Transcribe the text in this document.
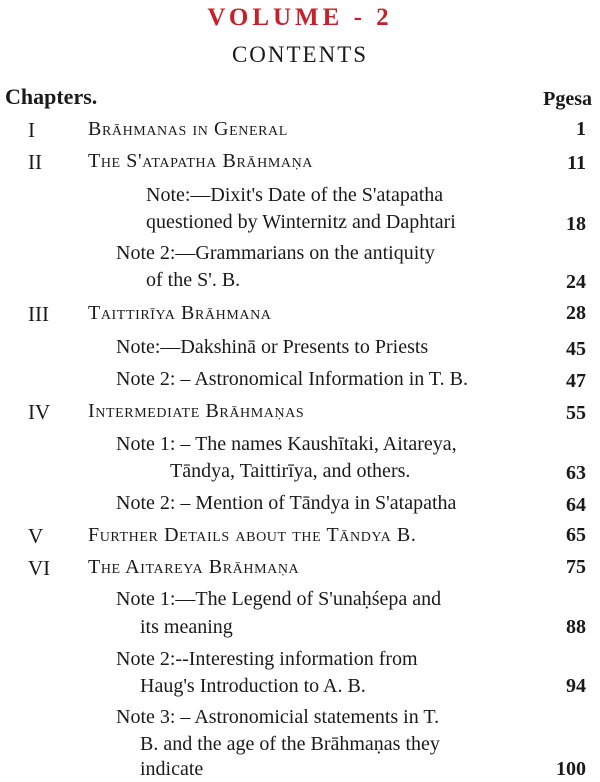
VOLUME - 2
CONTENTS
Chapters.	Pgesa
I	Brāhmanas in General	1
II The S'atapatha Brāhmaṇa	11
Note:—Dixit's Date of the S'atapatha
questioned by Winternitz and Daphtari	18
Note 2:—Grammarians on the antiquity
of the S'. B.	24
III Taittirīya Brāhmana	28
Note:—Dakshinā or Presents to Priests	45
Note 2: – Astronomical Information in T. B.	47
IV Intermediate Brāhmaṇas	55
Note 1: – The names Kaushītaki, Aitareya,
Tāndya, Taittirīya, and others.	63
Note 2: – Mention of Tāndya in S'atapatha	64
V Further Details about the Tāndya B.	65
VI The Aitareya Brāhmaṇa	75
Note 1:—The Legend of S'unaḥśepa and
its meaning	88
Note 2:--Interesting information from
Haug's Introduction to A. B.	94
Note 3: – Astronomicial statements in T.
B. and the age of the Brāhmaṇas they
indicate	100
